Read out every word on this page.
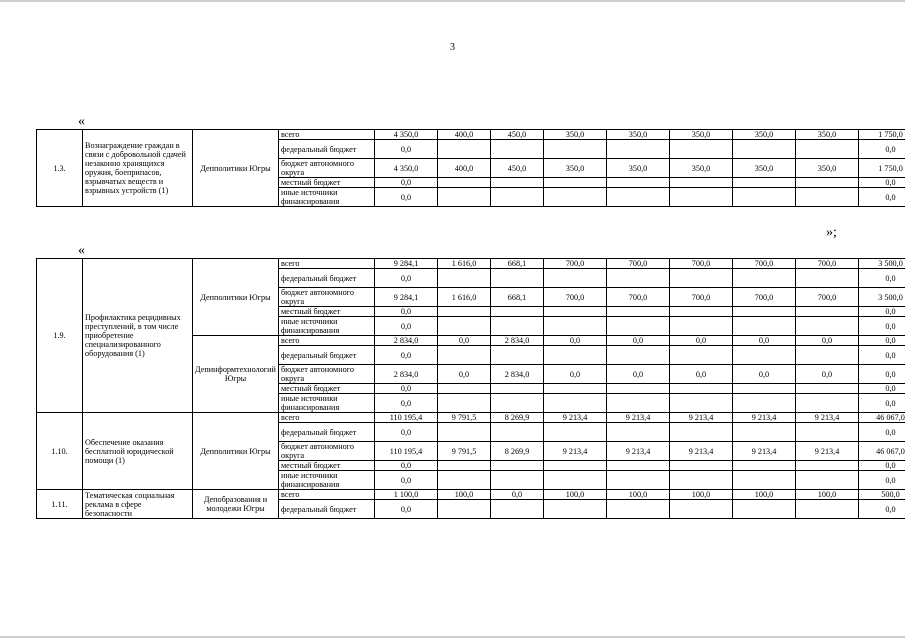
3
«
1.3.	Вознаграждение граждан в связи с добровольной сдачей незаконно хранящихся оружия, боеприпасов, взрывчатых веществ и взрывных устройств (1)	Депполитики Югры	всего	4 350,0	400,0	450,0	350,0	350,0	350,0	350,0	350,0	1 750,0
			федеральный бюджет	0,0								0,0
			бюджет автономного округа	4 350,0	400,0	450,0	350,0	350,0	350,0	350,0	350,0	1 750,0
			местный бюджет	0,0								0,0
			иные источники финансирования	0,0								0,0
»;
«
1.9.	Профилактика рецидивных преступлений, в том числе приобретение специализированного оборудования (1)	Депполитики Югры	всего	9 284,1	1 616,0	668,1	700,0	700,0	700,0	700,0	700,0	3 500,0
			федеральный бюджет	0,0								0,0
			бюджет автономного округа	9 284,1	1 616,0	668,1	700,0	700,0	700,0	700,0	700,0	3 500,0
			местный бюджет	0,0								0,0
			иные источники финансирования	0,0								0,0
		Депинформтехнологий Югры	всего	2 834,0	0,0	2 834,0	0,0	0,0	0,0	0,0	0,0	0,0
			федеральный бюджет	0,0								0,0
			бюджет автономного округа	2 834,0	0,0	2 834,0	0,0	0,0	0,0	0,0	0,0	0,0
			местный бюджет	0,0								0,0
			иные источники финансирования	0,0								0,0
1.10.	Обеспечение оказания бесплатной юридической помощи (1)	Депполитики Югры	всего	110 195,4	9 791,5	8 269,9	9 213,4	9 213,4	9 213,4	9 213,4	9 213,4	46 067,0
			федеральный бюджет	0,0								0,0
			бюджет автономного округа	110 195,4	9 791,5	8 269,9	9 213,4	9 213,4	9 213,4	9 213,4	9 213,4	46 067,0
			местный бюджет	0,0								0,0
			иные источники финансирования	0,0								0,0
1.11.	Тематическая социальная реклама в сфере безопасности	Депобразования и молодежи Югры	всего	1 100,0	100,0	0,0	100,0	100,0	100,0	100,0	100,0	500,0
			федеральный бюджет	0,0								0,0
